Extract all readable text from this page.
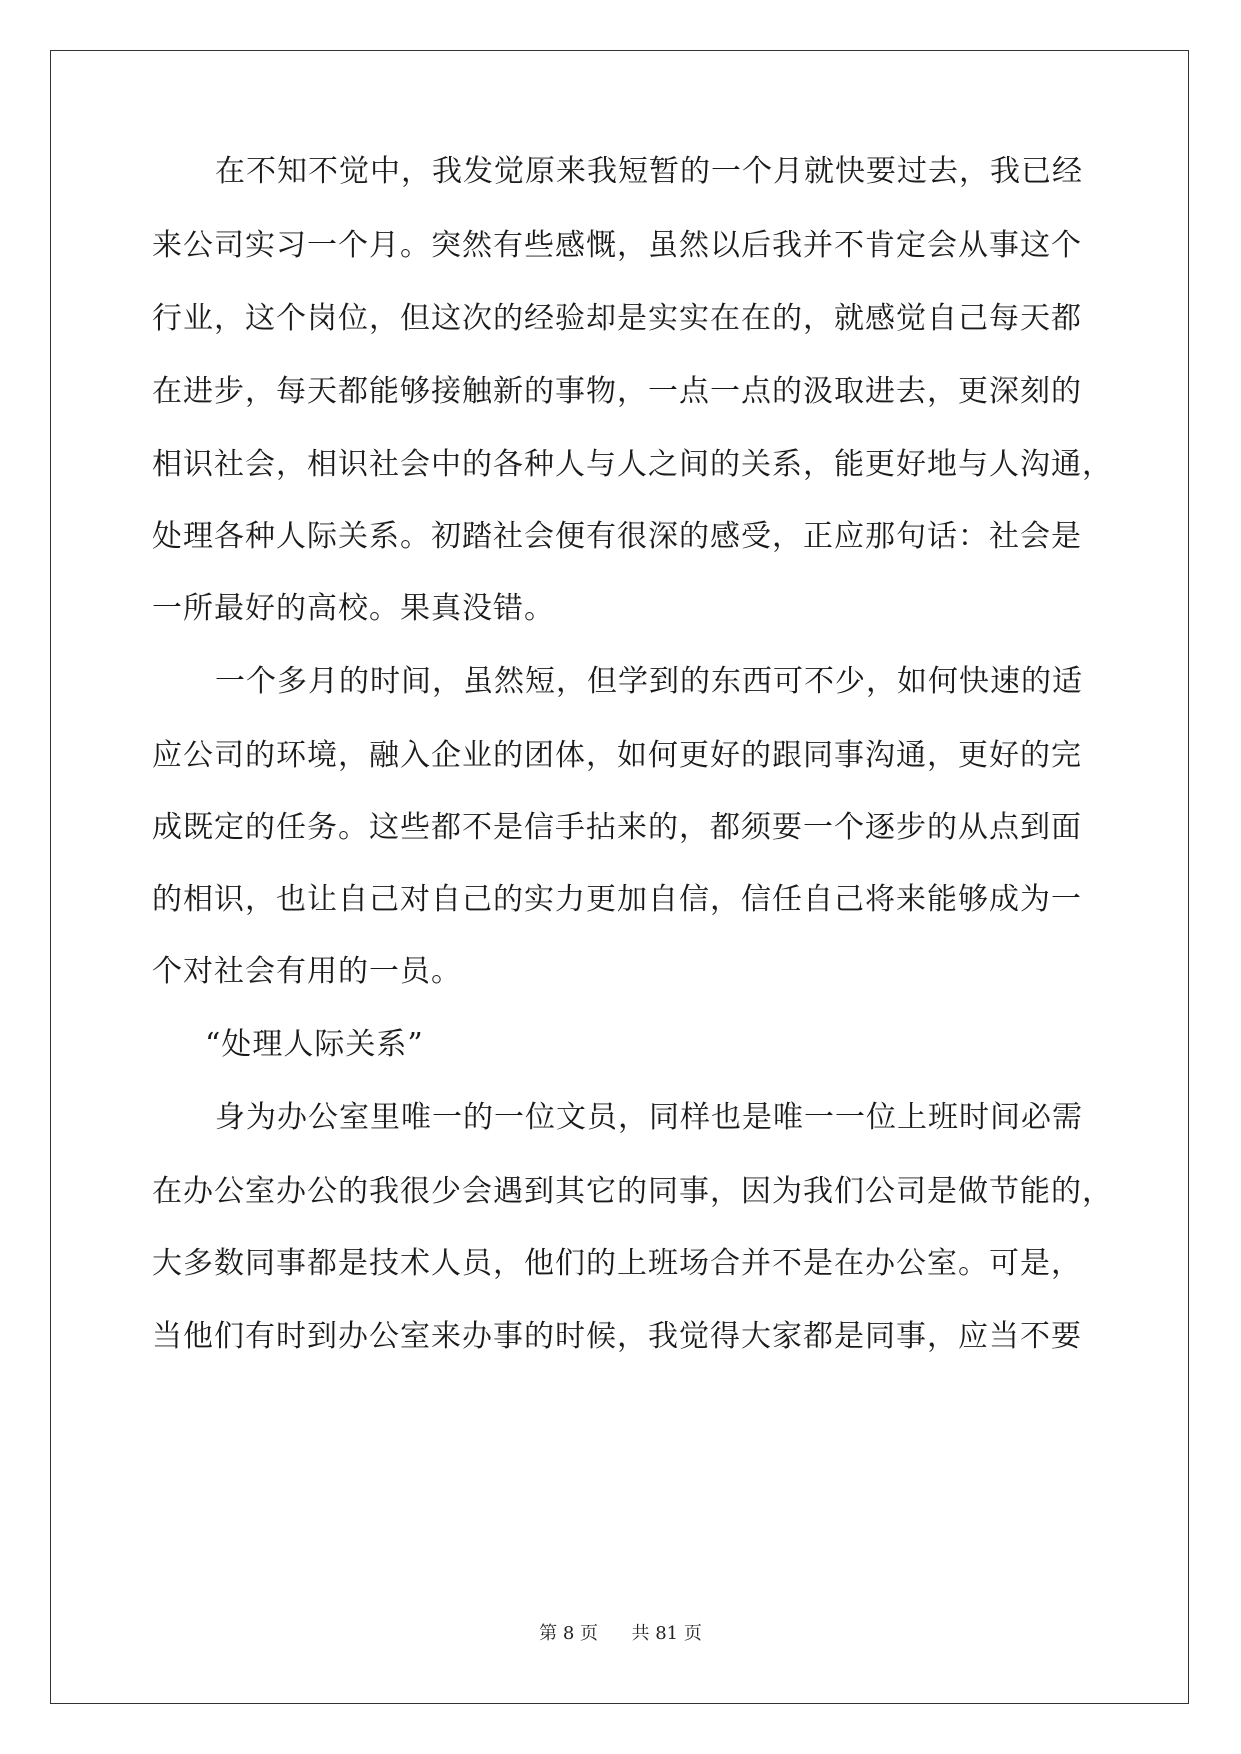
在不知不觉中，我发觉原来我短暂的一个月就快要过去，我已经
来公司实习一个月。突然有些感慨，虽然以后我并不肯定会从事这个
行业，这个岗位，但这次的经验却是实实在在的，就感觉自己每天都
在进步，每天都能够接触新的事物，一点一点的汲取进去，更深刻的
相识社会，相识社会中的各种人与人之间的关系，能更好地与人沟通，
处理各种人际关系。初踏社会便有很深的感受，正应那句话：社会是
一所最好的高校。果真没错。
一个多月的时间，虽然短，但学到的东西可不少，如何快速的适
应公司的环境，融入企业的团体，如何更好的跟同事沟通，更好的完
成既定的任务。这些都不是信手拈来的，都须要一个逐步的从点到面
的相识，也让自己对自己的实力更加自信，信任自己将来能够成为一
个对社会有用的一员。
“处理人际关系”
身为办公室里唯一的一位文员，同样也是唯一一位上班时间必需
在办公室办公的我很少会遇到其它的同事，因为我们公司是做节能的，
大多数同事都是技术人员，他们的上班场合并不是在办公室。可是，
当他们有时到办公室来办事的时候，我觉得大家都是同事，应当不要
第 8 页 共 81 页
